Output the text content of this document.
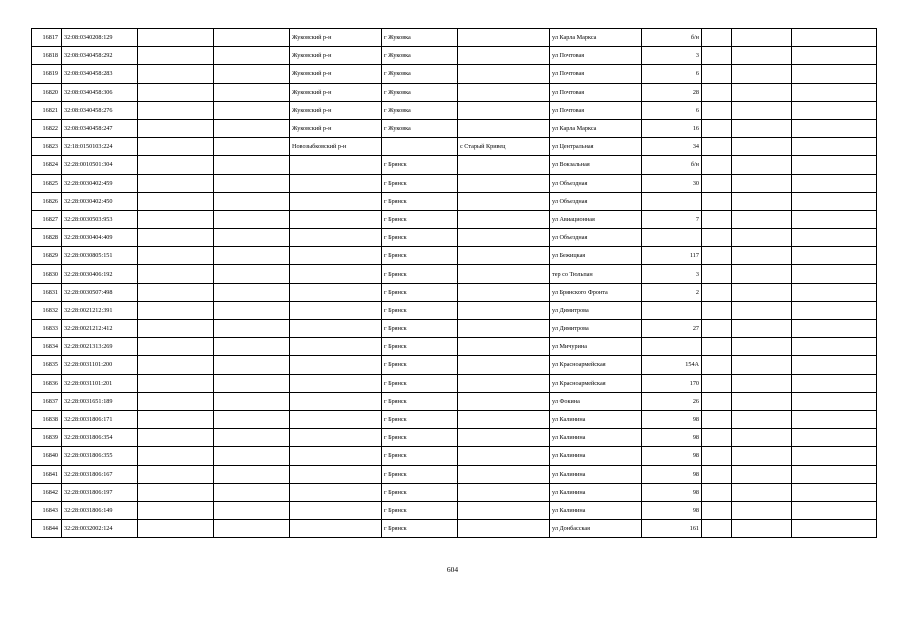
16817	32:08:0340208:129			Жуковский р-н	г Жуковка		ул Карла Маркса	б/н			
16818	32:08:0340458:292			Жуковский р-н	г Жуковка		ул Почтовая	3			
16819	32:08:0340458:283			Жуковский р-н	г Жуковка		ул Почтовая	6			
16820	32:08:0340458:306			Жуковский р-н	г Жуковка		ул Почтовая	28			
16821	32:08:0340458:276			Жуковский р-н	г Жуковка		ул Почтовая	6			
16822	32:08:0340458:247			Жуковский р-н	г Жуковка		ул Карла Маркса	16			
16823	32:18:0150103:224			Новозыбковский р-н		с Старый Кривец	ул Центральная	34			
16824	32:28:0010501:304				г Брянск		ул Вокзальная	б/н			
16825	32:28:0030402:459				г Брянск		ул Объездная	30			
16826	32:28:0030402:450				г Брянск		ул Объездная				
16827	32:28:0030503:953				г Брянск		ул Авиационная	7			
16828	32:28:0030404:409				г Брянск		ул Объездная				
16829	32:28:0030805:151				г Брянск		ул Бежицкая	117			
16830	32:28:0030406:192				г Брянск		тер со Тюльпан	3			
16831	32:28:0030507:498				г Брянск		ул Брянского Фронта	2			
16832	32:28:0021212:391				г Брянск		ул Димитрова				
16833	32:28:0021212:412				г Брянск		ул Димитрова	27			
16834	32:28:0021313:269				г Брянск		ул Мичурина				
16835	32:28:0031101:200				г Брянск		ул Красноармейская	154А			
16836	32:28:0031101:201				г Брянск		ул Красноармейская	170			
16837	32:28:0031651:189				г Брянск		ул Фокина	26			
16838	32:28:0031806:171				г Брянск		ул Калинина	98			
16839	32:28:0031806:354				г Брянск		ул Калинина	98			
16840	32:28:0031806:355				г Брянск		ул Калинина	98			
16841	32:28:0031806:167				г Брянск		ул Калинина	98			
16842	32:28:0031806:197				г Брянск		ул Калинина	98			
16843	32:28:0031806:149				г Брянск		ул Калинина	98			
16844	32:28:0032002:124				г Брянск		ул Донбасская	161			
604
